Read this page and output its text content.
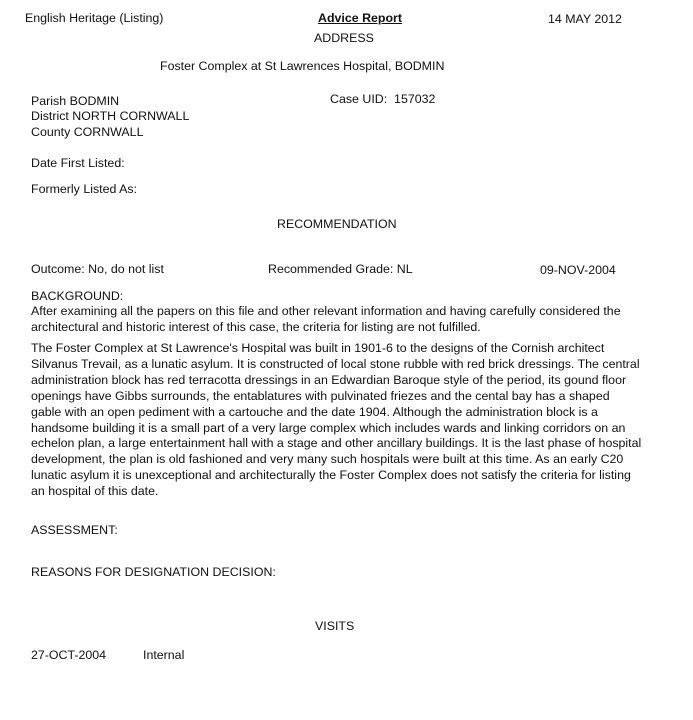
English Heritage (Listing)	Advice Report	14 MAY 2012
ADDRESS
Foster Complex at St Lawrences Hospital, BODMIN
Parish BODMIN
District NORTH CORNWALL
County CORNWALL
Case UID: 157032
Date First Listed:
Formerly Listed As:
RECOMMENDATION
Outcome: No, do not list	Recommended Grade: NL	09-NOV-2004
BACKGROUND:
After examining all the papers on this file and other relevant information and having carefully considered the architectural and historic interest of this case, the criteria for listing are not fulfilled.
The Foster Complex at St Lawrence's Hospital was built in 1901-6 to the designs of the Cornish architect Silvanus Trevail, as a lunatic asylum. It is constructed of local stone rubble with red brick dressings. The central administration block has red terracotta dressings in an Edwardian Baroque style of the period, its gound floor openings have Gibbs surrounds, the entablatures with pulvinated friezes and the cental bay has a shaped gable with an open pediment with a cartouche and the date 1904. Although the administration block is a handsome building it is a small part of a very large complex which includes wards and linking corridors on an echelon plan, a large entertainment hall with a stage and other ancillary buildings. It is the last phase of hospital development, the plan is old fashioned and very many such hospitals were built at this time. As an early C20 lunatic asylum it is unexceptional and architecturally the Foster Complex does not satisfy the criteria for listing an hospital of this date.
ASSESSMENT:
REASONS FOR DESIGNATION DECISION:
VISITS
27-OCT-2004	Internal
